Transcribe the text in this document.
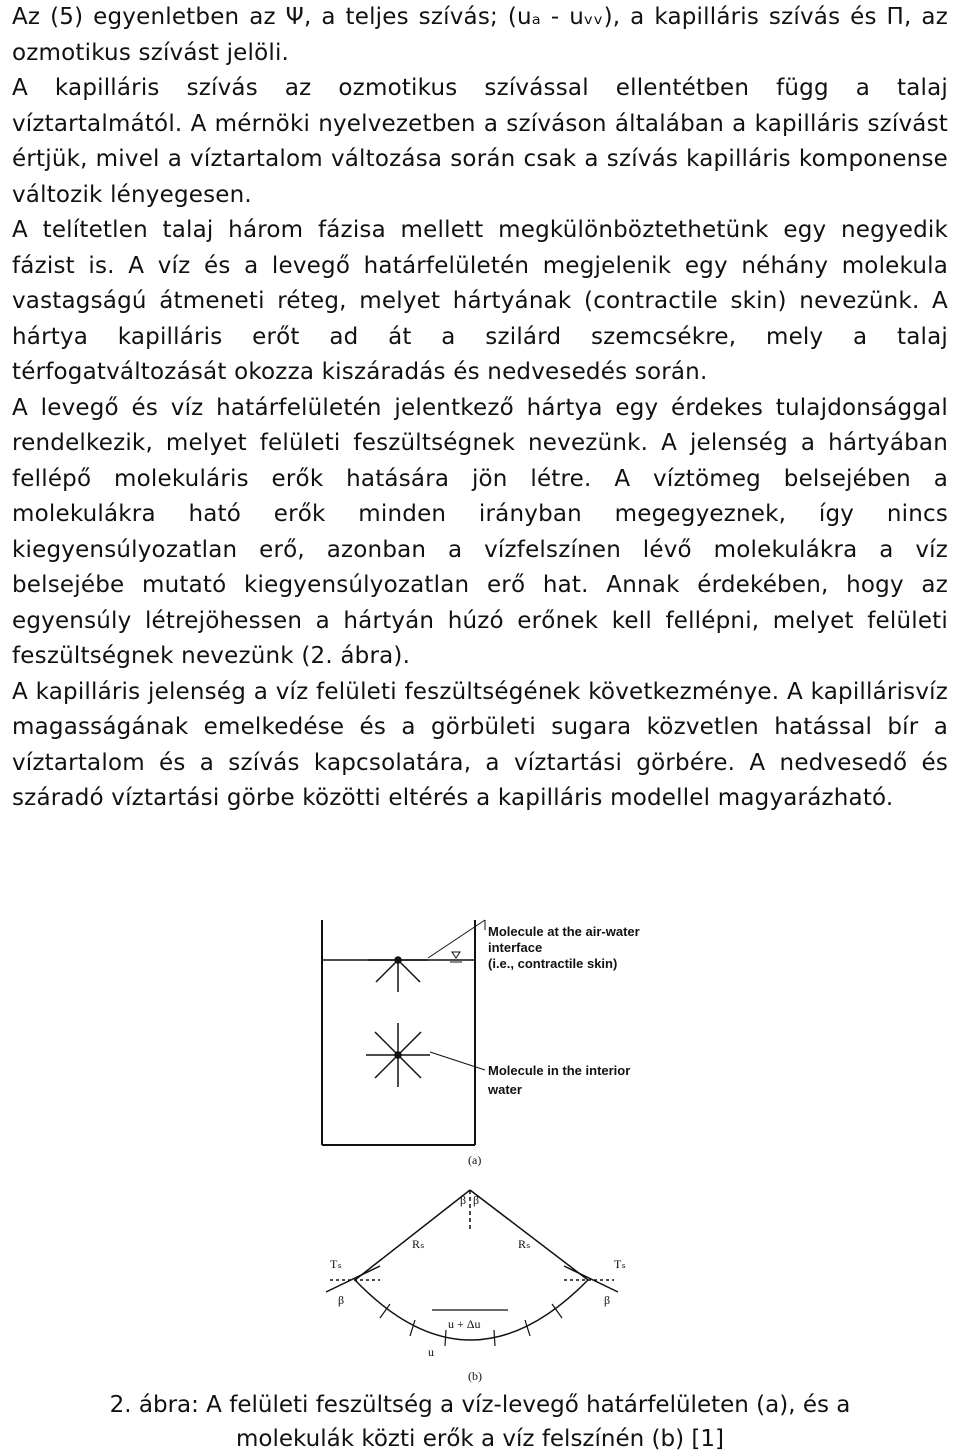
Az (5) egyenletben az Ψ, a teljes szívás; (uₐ - uᵥᵥ), a kapilláris szívás és Π, az ozmotikus szívást jelöli.

A kapilláris szívás az ozmotikus szívással ellentétben függ a talaj víztartalmától. A mérnöki nyelvezetben a szíváson általában a kapilláris szívást értjük, mivel a víztartalom változása során csak a szívás kapilláris komponense változik lényegesen.

A telítetlen talaj három fázisa mellett megkülönböztethetünk egy negyedik fázist is. A víz és a levegő határfelületén megjelenik egy néhány molekula vastagságú átmeneti réteg, melyet hártyának (contractile skin) nevezünk. A hártya kapilláris erőt ad át a szilárd szemcsékre, mely a talaj térfogatváltozását okozza kiszáradás és nedvesedés során.

A levegő és víz határfelületén jelentkező hártya egy érdekes tulajdonsággal rendelkezik, melyet felületi feszültségnek nevezünk. A jelenség a hártyában fellépő molekuláris erők hatására jön létre. A víztömeg belsejében a molekulákra ható erők minden irányban megegyeznek, így nincs kiegyensúlyozatlan erő, azonban a vízfelszínen lévő molekulákra a víz belsejébe mutató kiegyensúlyozatlan erő hat. Annak érdekében, hogy az egyensúly létrejöhessen a hártyán húzó erőnek kell fellépni, melyet felületi feszültségnek nevezünk (2. ábra).

A kapilláris jelenség a víz felületi feszültségének következménye. A kapillárisvíz magasságának emelkedése és a görbületi sugara közvetlen hatással bír a víztartalom és a szívás kapcsolatára, a víztartási görbére. A nedvesedő és száradó víztartási görbe közötti eltérés a kapilláris modellel magyarázható.

Molecule at the air-water
interface
(i.e., contractile skin)
Molecule in the interior
water
(a)
β β
β	β
Rₛ	Rₛ
Tₛ	Tₛ
u + Δu
u
(b)
2. ábra: A felületi feszültség a víz-levegő határfelületen (a), és a
molekulák közti erők a víz felszínén (b) [1]
